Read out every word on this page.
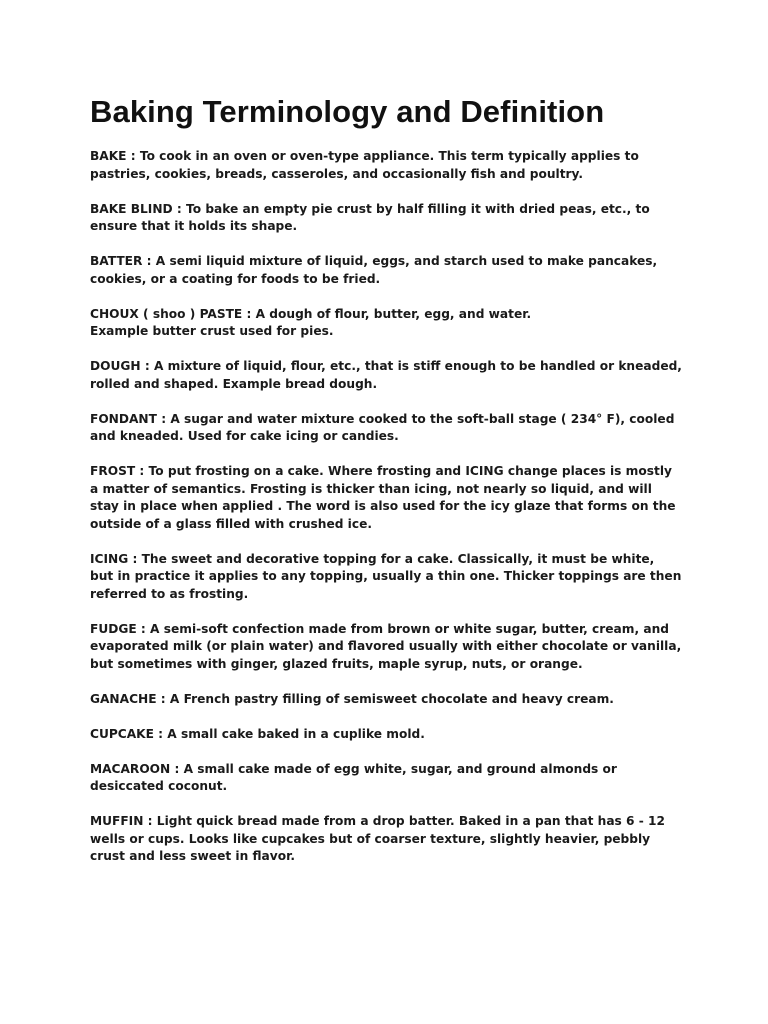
Baking Terminology and Definition
BAKE : To cook in an oven or oven-type appliance. This term typically applies to
pastries, cookies, breads, casseroles, and occasionally fish and poultry.
BAKE BLIND : To bake an empty pie crust by half filling it with dried peas, etc., to
ensure that it holds its shape.
BATTER : A semi liquid mixture of liquid, eggs, and starch used to make pancakes,
cookies, or a coating for foods to be fried.
CHOUX ( shoo ) PASTE : A dough of flour, butter, egg, and water.
Example butter crust used for pies.
DOUGH : A mixture of liquid, flour, etc., that is stiff enough to be handled or kneaded,
rolled and shaped. Example bread dough.
FONDANT : A sugar and water mixture cooked to the soft-ball stage ( 234° F), cooled
and kneaded. Used for cake icing or candies.
FROST : To put frosting on a cake. Where frosting and ICING change places is mostly
a matter of semantics. Frosting is thicker than icing, not nearly so liquid, and will
stay in place when applied . The word is also used for the icy glaze that forms on the
outside of a glass filled with crushed ice.
ICING : The sweet and decorative topping for a cake. Classically, it must be white,
but in practice it applies to any topping, usually a thin one. Thicker toppings are then
referred to as frosting.
FUDGE : A semi-soft confection made from brown or white sugar, butter, cream, and
evaporated milk (or plain water) and flavored usually with either chocolate or vanilla,
but sometimes with ginger, glazed fruits, maple syrup, nuts, or orange.
GANACHE : A French pastry filling of semisweet chocolate and heavy cream.
CUPCAKE : A small cake baked in a cuplike mold.
MACAROON : A small cake made of egg white, sugar, and ground almonds or
desiccated coconut.
MUFFIN : Light quick bread made from a drop batter. Baked in a pan that has 6 - 12
wells or cups. Looks like cupcakes but of coarser texture, slightly heavier, pebbly
crust and less sweet in flavor.
